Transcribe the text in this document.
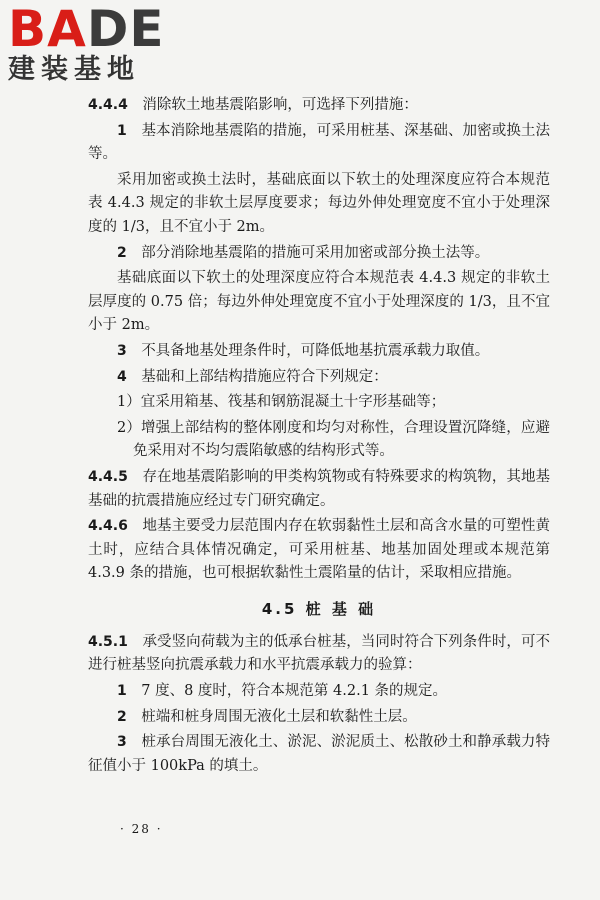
BADE
建装基地

4.4.4　 消除软土地基震陷影响，可选择下列措施：

1　 基本消除地基震陷的措施，可采用桩基、深基础、加密或换土法等。

采用加密或换土法时，基础底面以下软土的处理深度应符合本规范表 4.4.3 规定的非软土层厚度要求；每边外伸处理宽度不宜小于处理深度的 1/3，且不宜小于 2m。

2　 部分消除地基震陷的措施可采用加密或部分换土法等。

基础底面以下软土的处理深度应符合本规范表 4.4.3 规定的非软土层厚度的 0.75 倍；每边外伸处理宽度不宜小于处理深度的 1/3，且不宜小于 2m。

3　 不具备地基处理条件时，可降低地基抗震承载力取值。

4　 基础和上部结构措施应符合下列规定：

1）宜采用箱基、筏基和钢筋混凝土十字形基础等；

2）增强上部结构的整体刚度和均匀对称性，合理设置沉降缝，应避免采用对不均匀震陷敏感的结构形式等。

4.4.5　 存在地基震陷影响的甲类构筑物或有特殊要求的构筑物，其地基基础的抗震措施应经过专门研究确定。

4.4.6　 地基主要受力层范围内存在软弱黏性土层和高含水量的可塑性黄土时，应结合具体情况确定，可采用桩基、地基加固处理或本规范第 4.3.9 条的措施，也可根据软黏性土震陷量的估计，采取相应措施。

4.5 桩 基 础

4.5.1　 承受竖向荷载为主的低承台桩基，当同时符合下列条件时，可不进行桩基竖向抗震承载力和水平抗震承载力的验算：

1　 7 度、8 度时，符合本规范第 4.2.1 条的规定。

2　 桩端和桩身周围无液化土层和软黏性土层。

3　 桩承台周围无液化土、淤泥、淤泥质土、松散砂土和静承载力特征值小于 100kPa 的填土。

· 28 ·
